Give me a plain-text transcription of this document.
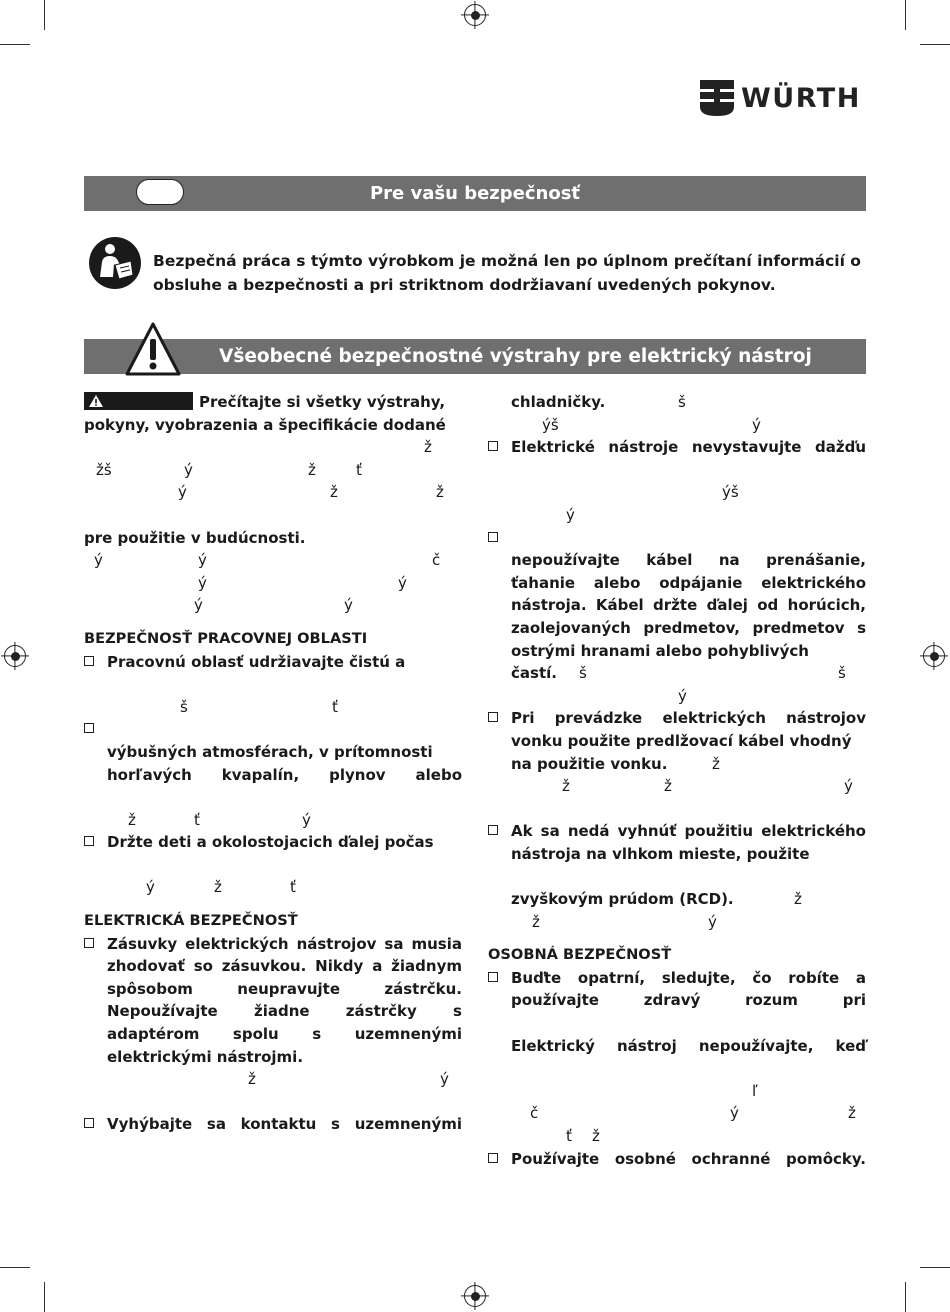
WÜRTH
Pre vašu bezpečnosť

Bezpečná práca s týmto výrobkom je možná len po úplnom prečítaní informácií o obsluhe a bezpečnosti a pri striktnom dodržiavaní uvedených pokynov.

Všeobecné bezpečnostné výstrahy pre elektrický nástroj

Prečítajte si všetky výstrahy,

pokyny, vyobrazenia a špecifikácie dodané

ž
žš	ý	ž	ť
ý	ž	ž

pre použitie v budúcnosti.

ý	ý	č
ý	ý
ý	ý

BEZPEČNOSŤ PRACOVNEJ OBLASTI

Pracovnú oblasť udržiavajte čistú a

š	ť

výbušných atmosférach, v prítomnosti

horľavých kvapalín, plynov alebo

ž	ť	ý

Držte deti a okolostojacich ďalej počas

ý	ž	ť

ELEKTRICKÁ BEZPEČNOSŤ

Zásuvky elektrických nástrojov sa musia zhodovať so zásuvkou. Nikdy a žiadnym spôsobom neupravujte zástrčku. Nepoužívajte žiadne zástrčky s adaptérom spolu s uzemnenými elektrickými nástrojmi.

ž	ý

Vyhýbajte sa kontaktu s uzemnenými

chladničky.	š

ýš	ý

Elektrické nástroje nevystavujte dažďu

ýš
ý

nepoužívajte kábel na prenášanie, ťahanie alebo odpájanie elektrického nástroja. Kábel držte ďalej od horúcich, zaolejovaných predmetov, predmetov s ostrými hranami alebo pohyblivých

častí. š	š

ý

Pri prevádzke elektrických nástrojov vonku použite predlžovací kábel vhodný

na použitie vonku.	ž

ž	ž	ý

Ak sa nedá vyhnúť použitiu elektrického nástroja na vlhkom mieste, použite

zvyškovým prúdom (RCD).	ž

ž	ý

OSOBNÁ BEZPEČNOSŤ

Buďte opatrní, sledujte, čo robíte a používajte zdravý rozum pri

Elektrický nástroj nepoužívajte, keď

ľ
č	ý	ž
ť ž

Používajte osobné ochranné pomôcky.
